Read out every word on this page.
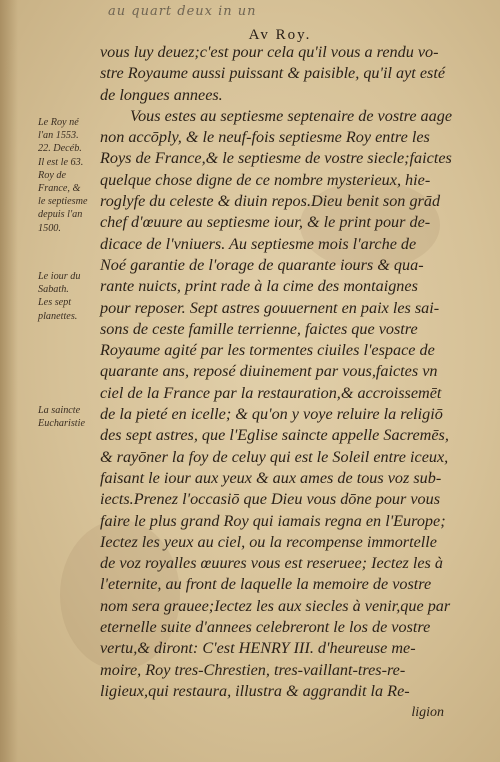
au quart deux in un
Av Roy.
Le Roy né
l'an 1553.
22. Decéb.
Il est le 63.
Roy de
France, &
le septiesme
depuis l'an
1500.
Le iour du
Sabath.
Les sept
planettes.
La saincte
Eucharistie
vous luy deuez;c'est pour cela qu'il vous a rendu vo-
stre Royaume aussi puissant & paisible, qu'il ayt esté
de longues annees.
Vous estes au septiesme septenaire de vostre aage
non accōply, & le neuf-fois septiesme Roy entre les
Roys de France,& le septiesme de vostre siecle;faictes
quelque chose digne de ce nombre mysterieux, hie-
roglyfe du celeste & diuin repos.Dieu benit son grād
chef d'œuure au septiesme iour, & le print pour de-
dicace de l'vniuers. Au septiesme mois l'arche de
Noé garantie de l'orage de quarante iours & qua-
rante nuicts, print rade à la cime des montaignes
pour reposer. Sept astres gouuernent en paix les sai-
sons de ceste famille terrienne, faictes que vostre
Royaume agité par les tormentes ciuiles l'espace de
quarante ans, reposé diuinement par vous,faictes vn
ciel de la France par la restauration,& accroissemēt
de la pieté en icelle; & qu'on y voye reluire la religiō
des sept astres, que l'Eglise saincte appelle Sacremēs,
& rayōner la foy de celuy qui est le Soleil entre iceux,
faisant le iour aux yeux & aux ames de tous voz sub-
iects.Prenez l'occasiō que Dieu vous dōne pour vous
faire le plus grand Roy qui iamais regna en l'Europe;
Iectez les yeux au ciel, ou la recompense immortelle
de voz royalles œuures vous est reseruee; Iectez les à
l'eternite, au front de laquelle la memoire de vostre
nom sera grauee;Iectez les aux siecles à venir,que par
eternelle suite d'annees celebreront le los de vostre
vertu,& diront: C'est HENRY III. d'heureuse me-
moire, Roy tres-Chrestien, tres-vaillant-tres-re-
ligieux,qui restaura, illustra & aggrandit la Re-
ligion
